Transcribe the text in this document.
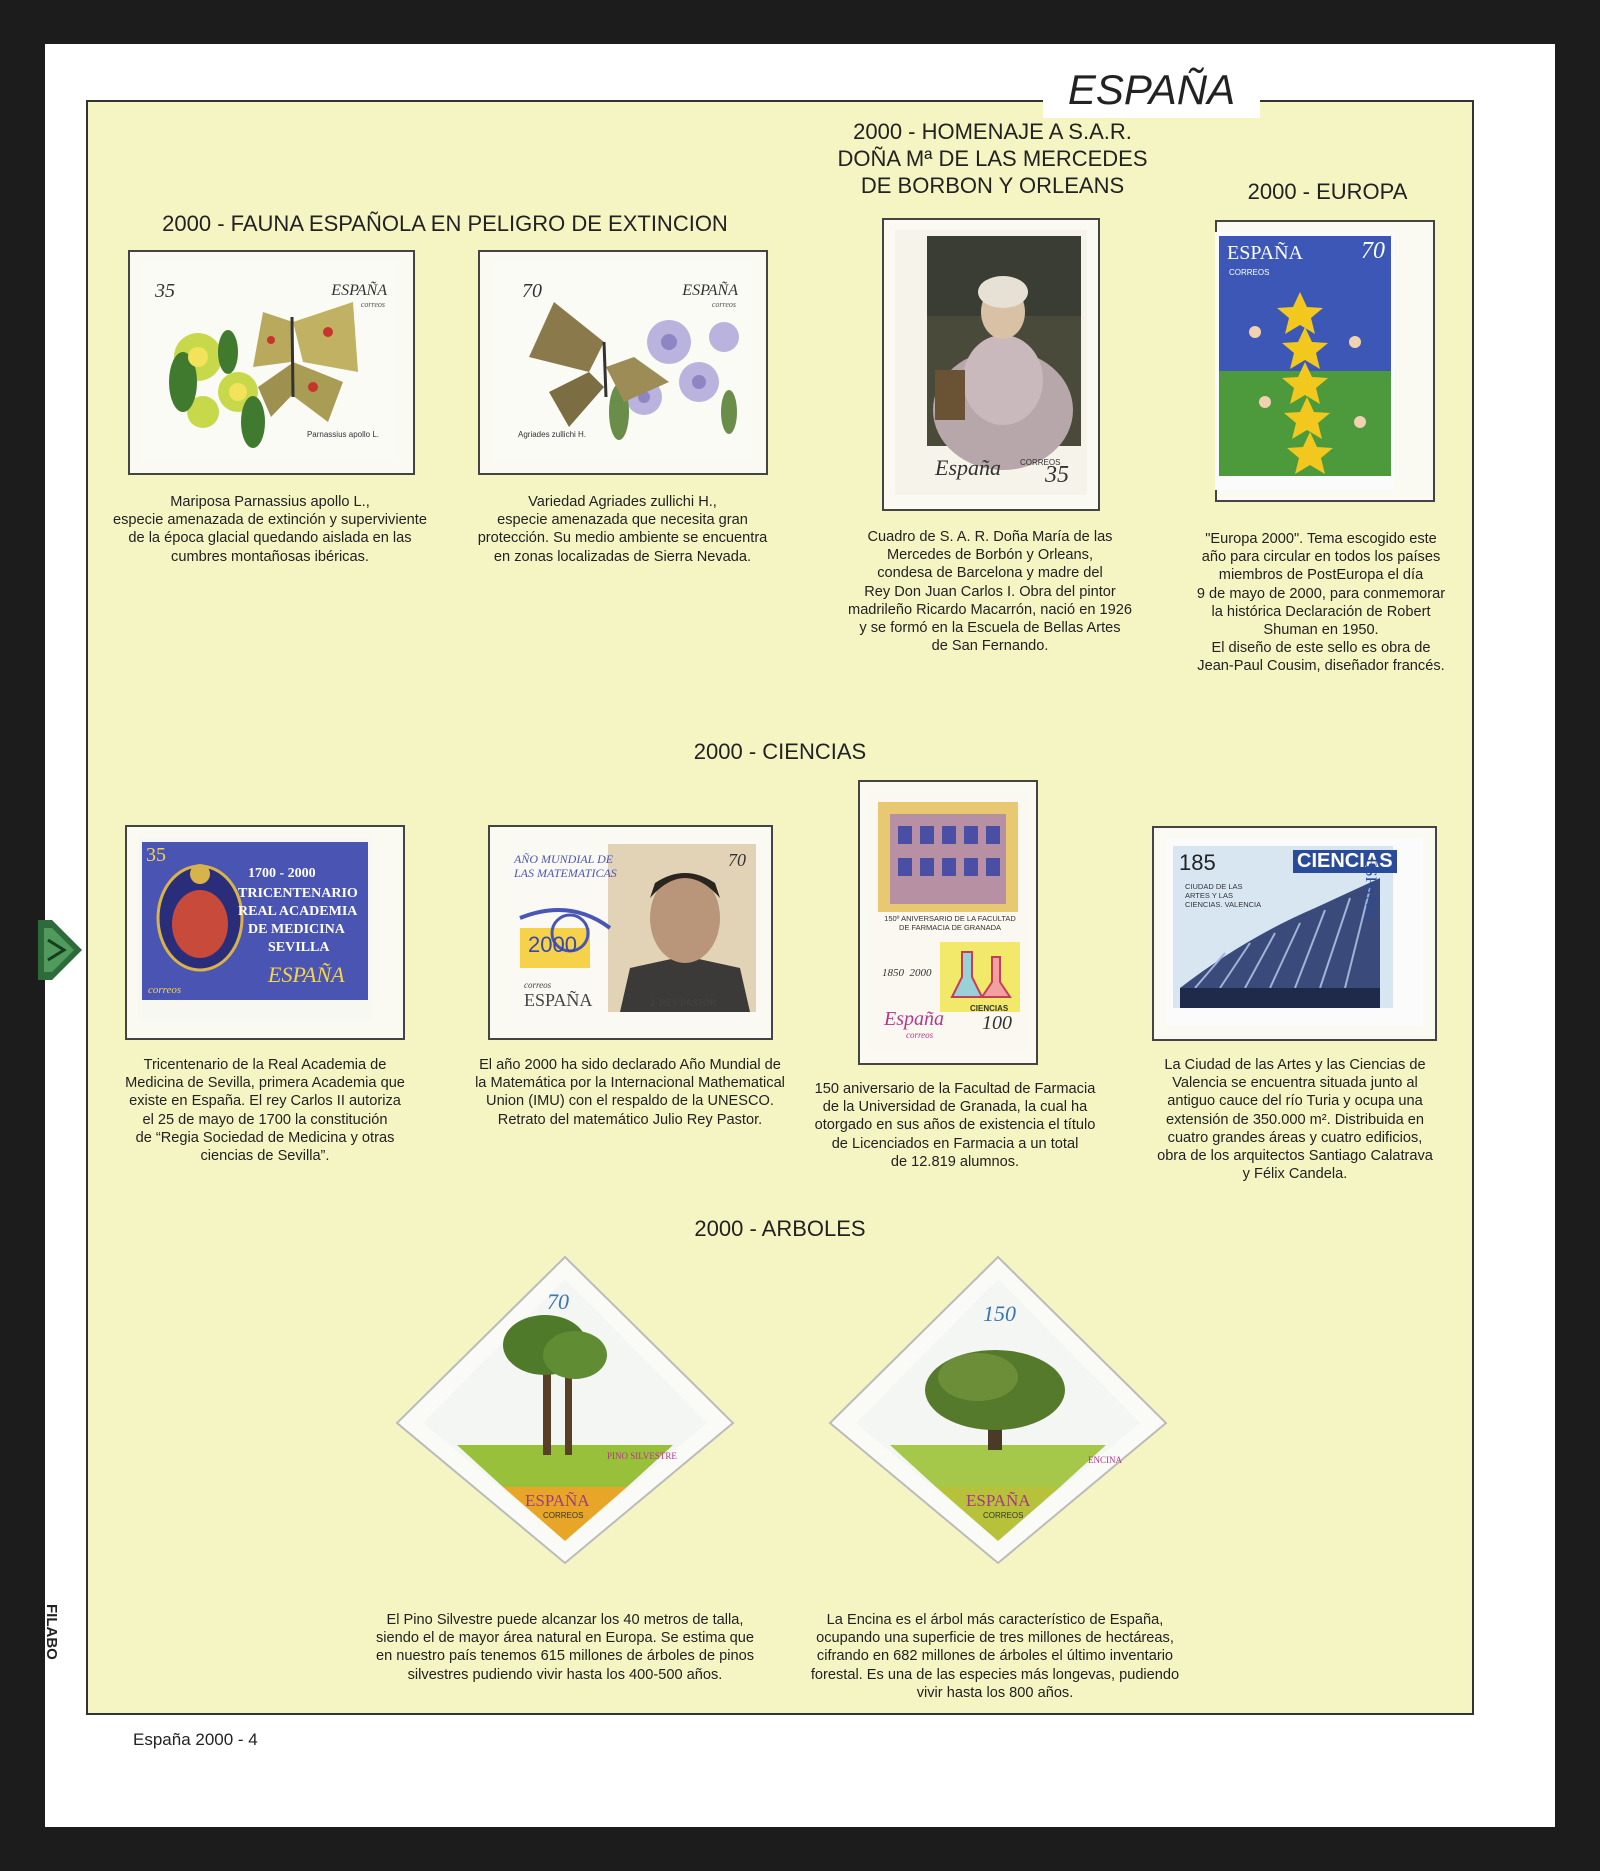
ESPAÑA
2000 - FAUNA ESPAÑOLA EN PELIGRO DE EXTINCION
2000 - HOMENAJE A S.A.R.
DOÑA Mª DE LAS MERCEDES
DE BORBON Y ORLEANS	2000 - EUROPA
2000 - CIENCIAS
2000 - ARBOLES
35	ESPAÑA
correos
Parnassius apollo L.
Mariposa Parnassius apollo L.,
especie amenazada de extinción y superviviente
de la época glacial quedando aislada en las
cumbres montañosas ibéricas.
70	ESPAÑA
correos
Agriades zullichi H.
Variedad Agriades zullichi H.,
especie amenazada que necesita gran
protección. Su medio ambiente se encuentra
en zonas localizadas de Sierra Nevada.
España CORREOS
35
Cuadro de S. A. R. Doña María de las
Mercedes de Borbón y Orleans,
condesa de Barcelona y madre del
Rey Don Juan Carlos I. Obra del pintor
madrileño Ricardo Macarrón, nació en 1926
y se formó en la Escuela de Bellas Artes
de San Fernando.
ESPAÑA 70
CORREOS
"Europa 2000". Tema escogido este
año para circular en todos los países
miembros de PostEuropa el día
9 de mayo de 2000, para conmemorar
la histórica Declaración de Robert
Shuman en 1950.
El diseño de este sello es obra de
Jean-Paul Cousim, diseñador francés.
35
1700 - 2000
TRICENTENARIO
REAL ACADEMIA
DE MEDICINA
SEVILLA
ESPAÑA
correos
Tricentenario de la Real Academia de
Medicina de Sevilla, primera Academia que
existe en España. El rey Carlos II autoriza
el 25 de mayo de 1700 la constitución
de “Regia Sociedad de Medicina y otras
ciencias de Sevilla”.
AÑO MUNDIAL DE LAS MATEMATICAS
70
2000
correos
ESPAÑA	J. REY PASTOR
El año 2000 ha sido declarado Año Mundial de
la Matemática por la Internacional Mathematical
Union (IMU) con el respaldo de la UNESCO.
Retrato del matemático Julio Rey Pastor.
150º ANIVERSARIO DE LA FACULTAD DE FARMACIA DE GRANADA
1850  2000
CIENCIAS
España
correos
100
150 aniversario de la Facultad de Farmacia
de la Universidad de Granada, la cual ha
otorgado en sus años de existencia el título
de Licenciados en Farmacia a un total
de 12.819 alumnos.
185	CIENCIAS
ESPAÑA
CIUDAD DE LAS ARTES Y LAS CIENCIAS. VALENCIA
La Ciudad de las Artes y las Ciencias de
Valencia se encuentra situada junto al
antiguo cauce del río Turia y ocupa una
extensión de 350.000 m². Distribuida en
cuatro grandes áreas y cuatro edificios,
obra de los arquitectos Santiago Calatrava
y Félix Candela.
70
PINO SILVESTRE
ESPAÑA
CORREOS
El Pino Silvestre puede alcanzar los 40 metros de talla,
siendo el de mayor área natural en Europa. Se estima que
en nuestro país tenemos 615 millones de árboles de pinos
silvestres pudiendo vivir hasta los 400-500 años.
150
ENCINA
ESPAÑA
CORREOS
La Encina es el árbol más característico de España,
ocupando una superficie de tres millones de hectáreas,
cifrando en 682 millones de árboles el último inventario
forestal. Es una de las especies más longevas, pudiendo
vivir hasta los 800 años.
España 2000 - 4
FILABO
